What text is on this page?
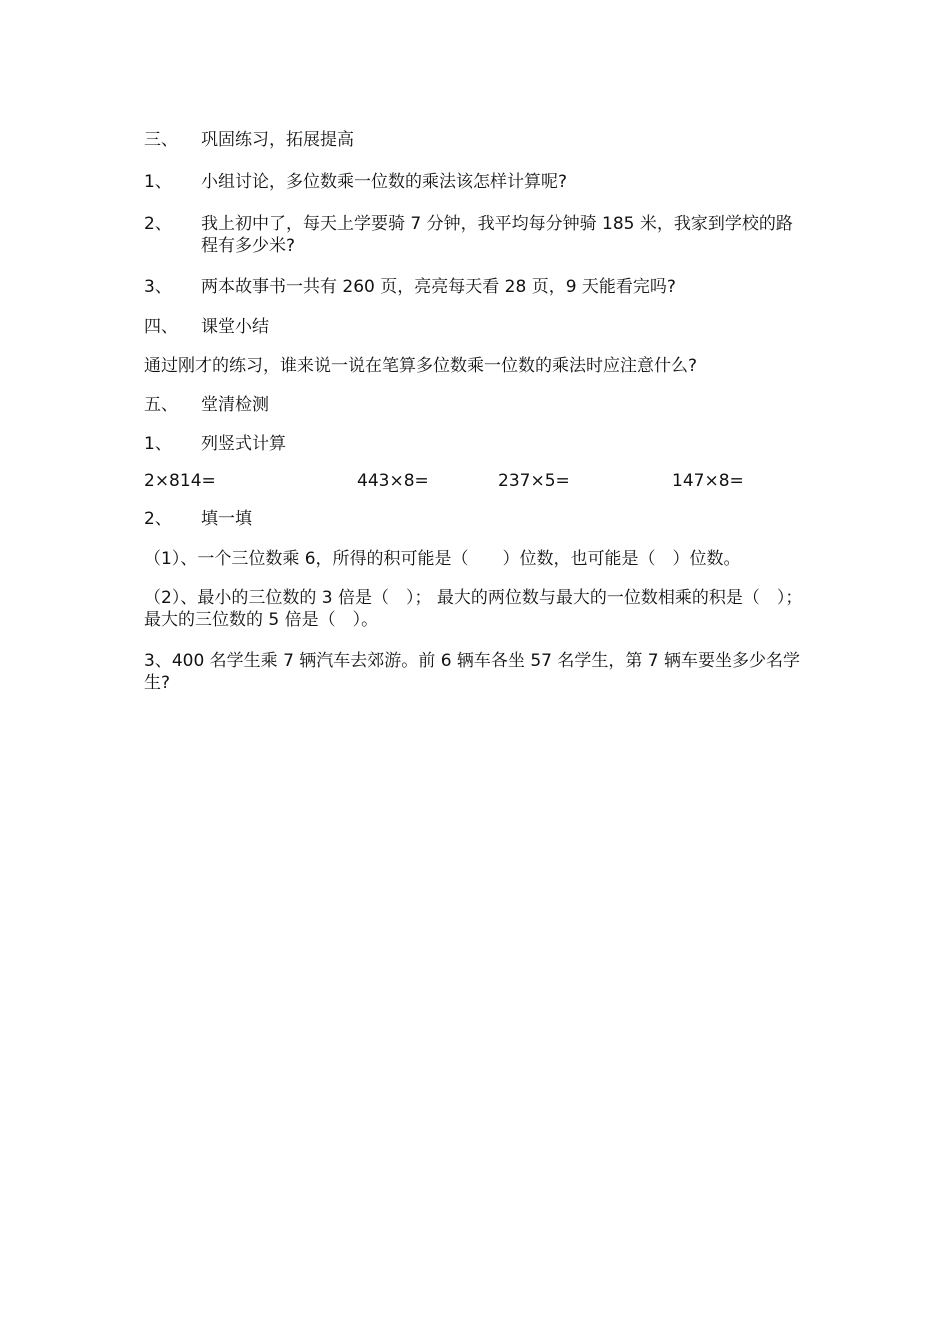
三、 巩固练习，拓展提高
1、 小组讨论，多位数乘一位数的乘法该怎样计算呢?
2、	我上初中了，每天上学要骑 7 分钟，我平均每分钟骑 185 米，我家到学校的路程有多少米?
3、 两本故事书一共有 260 页，亮亮每天看 28 页，9 天能看完吗?
四、 课堂小结
通过刚才的练习，谁来说一说在笔算多位数乘一位数的乘法时应注意什么?
五、 堂清检测
1、 列竖式计算
2×814=	443×8=	237×5=	147×8=
2、 填一填
（1）、一个三位数乘 6，所得的积可能是（　　）位数，也可能是（　）位数。
（2）、最小的三位数的 3 倍是（　）； 最大的两位数与最大的一位数相乘的积是（　）； 最大的三位数的 5 倍是（　）。
3、400 名学生乘 7 辆汽车去郊游。前 6 辆车各坐 57 名学生，第 7 辆车要坐多少名学生?
